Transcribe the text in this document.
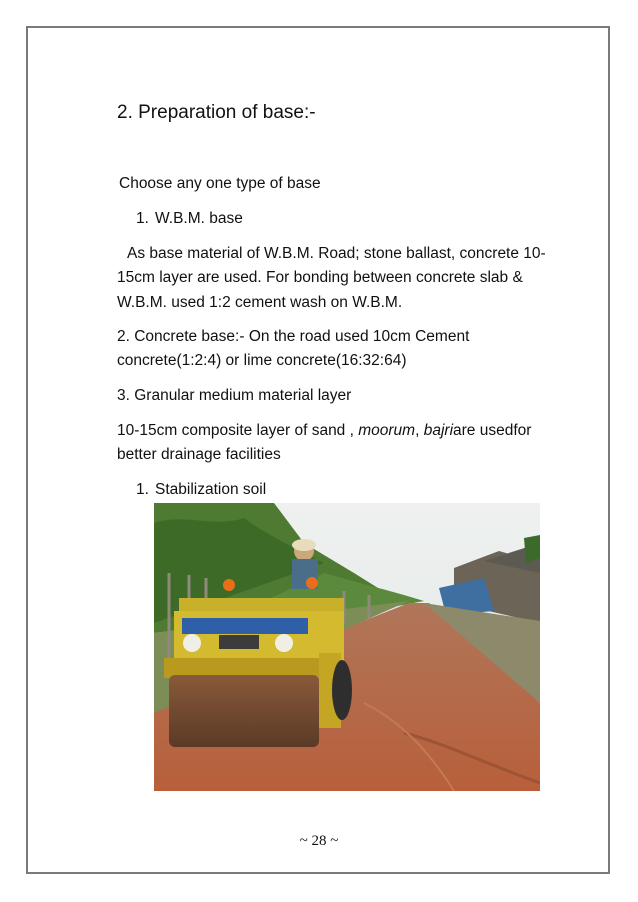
2. Preparation of base:-
Choose any one type of base
1. W.B.M. base
As base material of W.B.M. Road; stone ballast, concrete 10-
15cm layer are used. For bonding between concrete slab &
W.B.M. used 1:2 cement wash on W.B.M.
2. Concrete base:- On the road used 10cm Cement
concrete(1:2:4) or lime concrete(16:32:64)
3. Granular medium material layer
10-15cm composite layer of sand , moorum, bajriare usedfor
better drainage facilities
1. Stabilization soil
~ 28 ~
